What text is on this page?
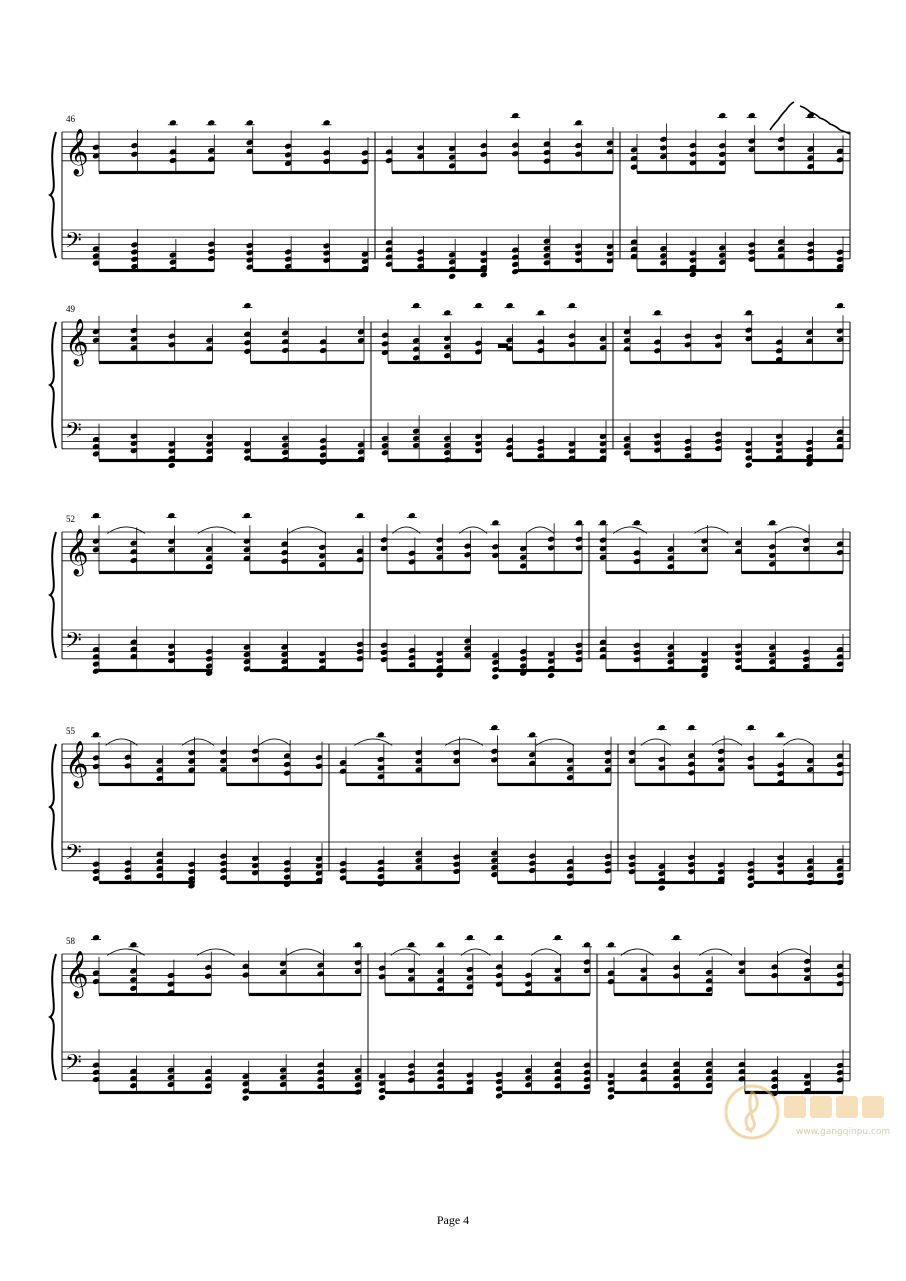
𝄞
𝄢
46
𝄞
𝄢
49
𝄞
𝄢
52
𝄞
𝄢
55
𝄞
𝄢
58
Page 4
www.gangqinpu.com
